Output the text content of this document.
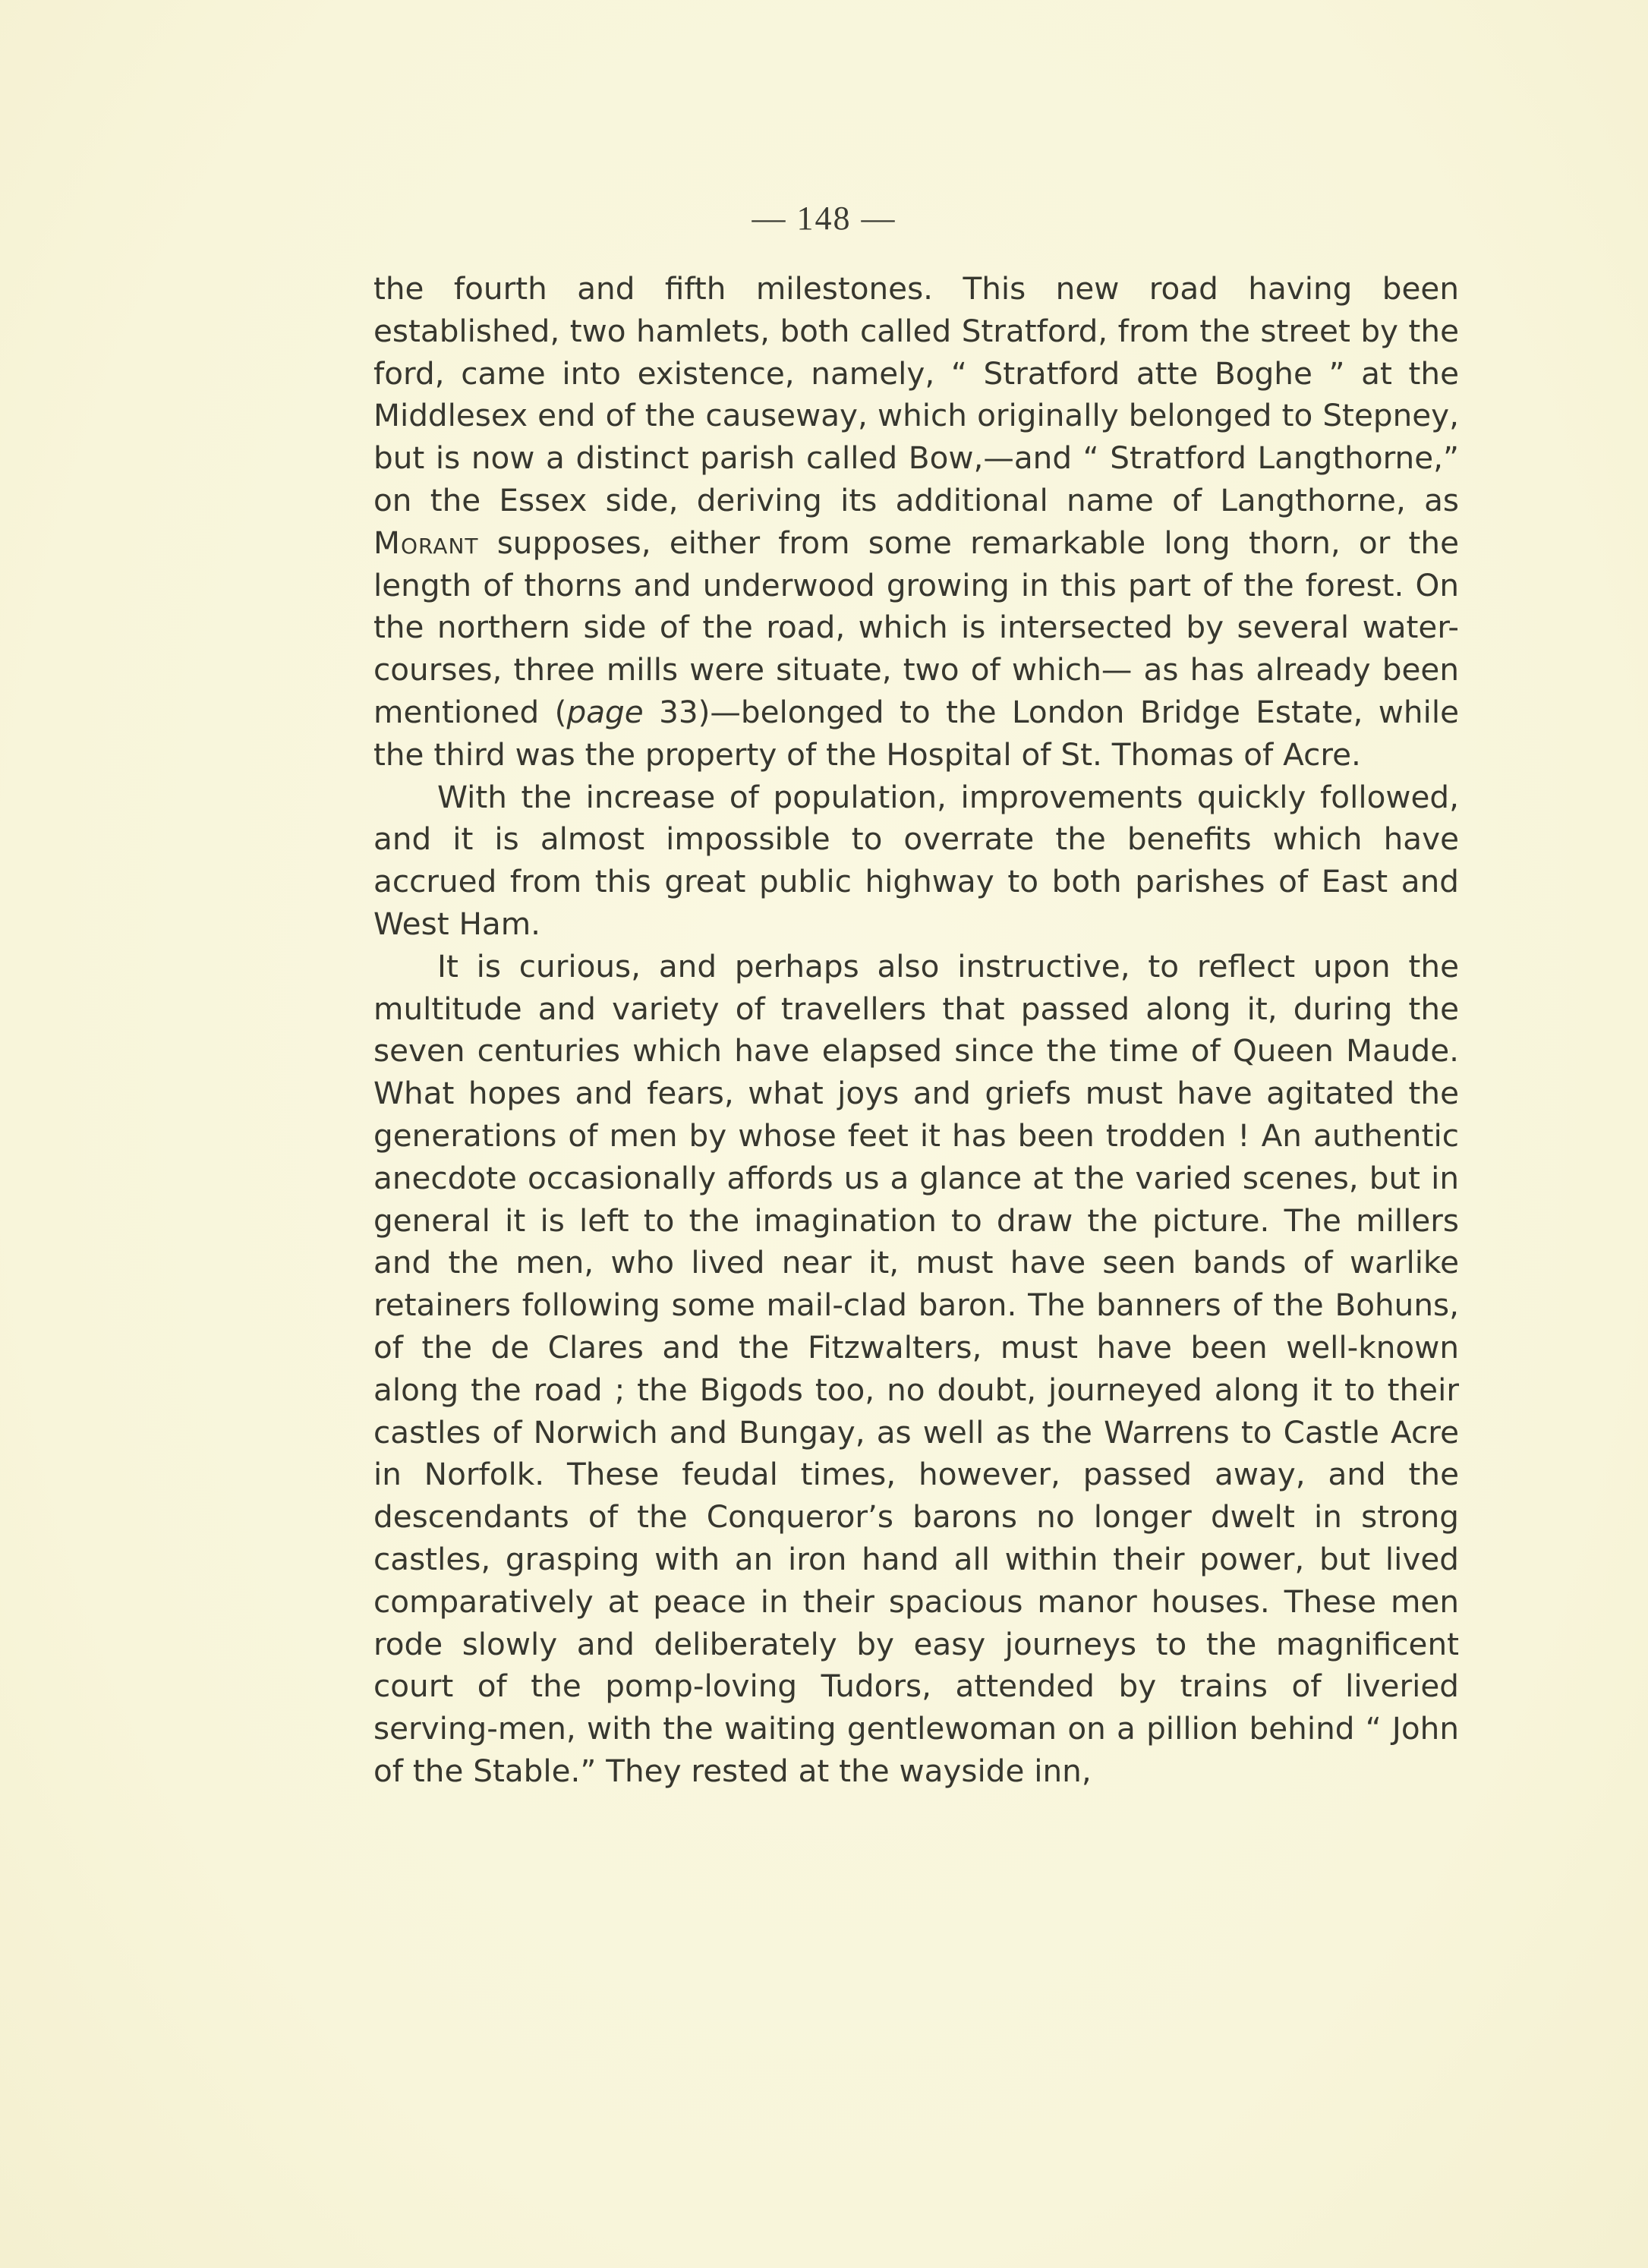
— 148 —

the fourth and fifth milestones. This new road having been established, two hamlets, both called Stratford, from the street by the ford, came into existence, namely, “ Stratford atte Boghe ” at the Middlesex end of the causeway, which originally belonged to Stepney, but is now a distinct parish called Bow,—and “ Stratford Langthorne,” on the Essex side, deriving its additional name of Langthorne, as Morant supposes, either from some remarkable long thorn, or the length of thorns and underwood growing in this part of the forest. On the northern side of the road, which is intersected by several water-courses, three mills were situate, two of which— as has already been mentioned (page 33)—belonged to the London Bridge Estate, while the third was the property of the Hospital of St. Thomas of Acre.

With the increase of population, improvements quickly followed, and it is almost impossible to overrate the benefits which have accrued from this great public highway to both parishes of East and West Ham.

It is curious, and perhaps also instructive, to reflect upon the multitude and variety of travellers that passed along it, during the seven centuries which have elapsed since the time of Queen Maude. What hopes and fears, what joys and griefs must have agitated the generations of men by whose feet it has been trodden ! An authentic anecdote occasionally affords us a glance at the varied scenes, but in general it is left to the imagination to draw the picture. The millers and the men, who lived near it, must have seen bands of warlike retainers following some mail-clad baron. The banners of the Bohuns, of the de Clares and the Fitzwalters, must have been well-known along the road ; the Bigods too, no doubt, journeyed along it to their castles of Norwich and Bungay, as well as the Warrens to Castle Acre in Norfolk. These feudal times, however, passed away, and the descendants of the Conqueror’s barons no longer dwelt in strong castles, grasping with an iron hand all within their power, but lived comparatively at peace in their spacious manor houses. These men rode slowly and deliberately by easy journeys to the magnificent court of the pomp-loving Tudors, attended by trains of liveried serving-men, with the waiting gentlewoman on a pillion behind “ John of the Stable.” They rested at the wayside inn,
